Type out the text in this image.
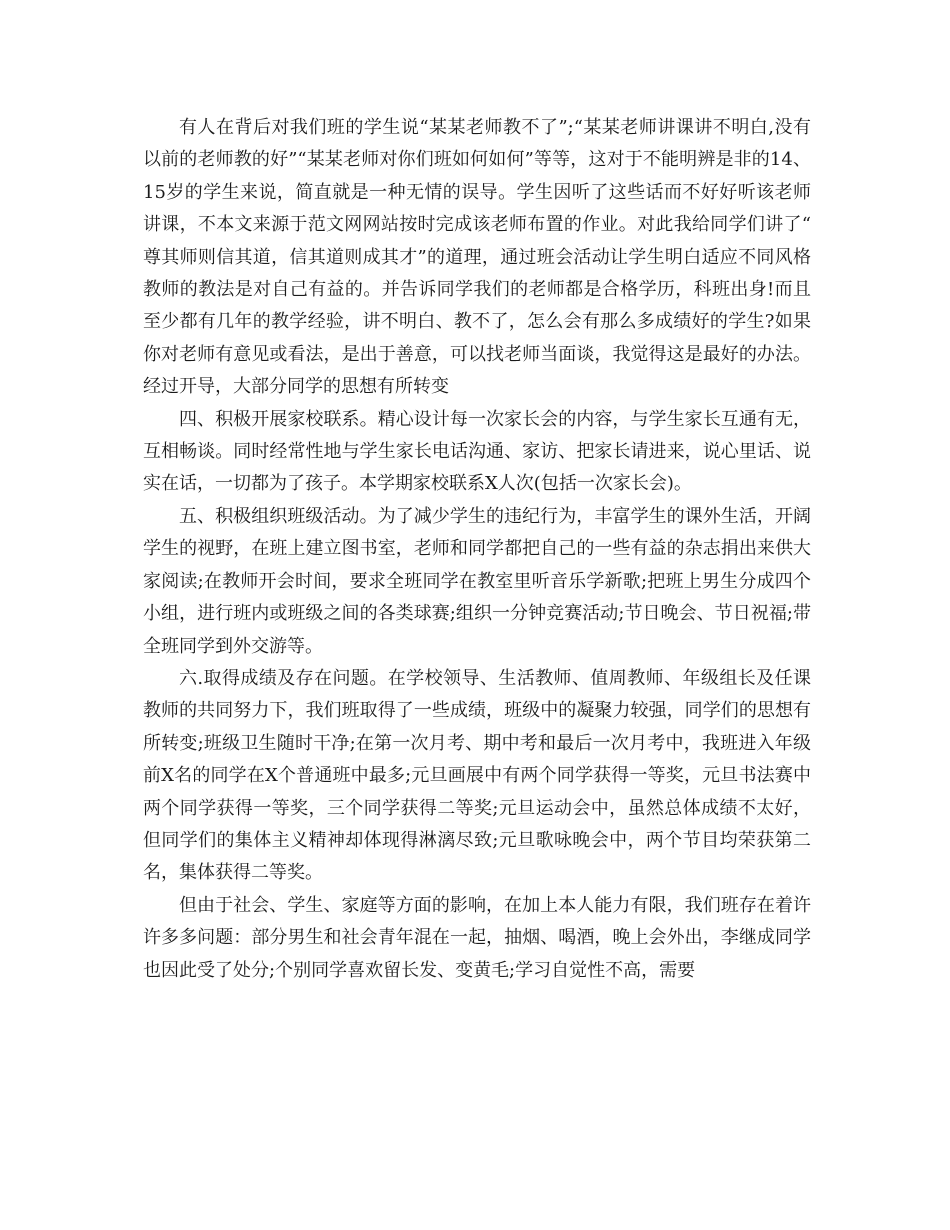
有人在背后对我们班的学生说“某某老师教不了”;“某某老师讲课讲不明白,没有以前的老师教的好”“某某老师对你们班如何如何”等等，这对于不能明辨是非的14、15岁的学生来说，简直就是一种无情的误导。学生因听了这些话而不好好听该老师讲课，不本文来源于范文网网站按时完成该老师布置的作业。对此我给同学们讲了“尊其师则信其道，信其道则成其才”的道理，通过班会活动让学生明白适应不同风格教师的教法是对自己有益的。并告诉同学我们的老师都是合格学历，科班出身!而且至少都有几年的教学经验，讲不明白、教不了，怎么会有那么多成绩好的学生?如果你对老师有意见或看法，是出于善意，可以找老师当面谈，我觉得这是最好的办法。经过开导，大部分同学的思想有所转变

四、积极开展家校联系。精心设计每一次家长会的内容，与学生家长互通有无，互相畅谈。同时经常性地与学生家长电话沟通、家访、把家长请进来，说心里话、说实在话，一切都为了孩子。本学期家校联系X人次(包括一次家长会)。

五、积极组织班级活动。为了减少学生的违纪行为，丰富学生的课外生活，开阔学生的视野，在班上建立图书室，老师和同学都把自己的一些有益的杂志捐出来供大家阅读;在教师开会时间，要求全班同学在教室里听音乐学新歌;把班上男生分成四个小组，进行班内或班级之间的各类球赛;组织一分钟竞赛活动;节日晚会、节日祝福;带全班同学到外交游等。

六.取得成绩及存在问题。在学校领导、生活教师、值周教师、年级组长及任课教师的共同努力下，我们班取得了一些成绩，班级中的凝聚力较强，同学们的思想有所转变;班级卫生随时干净;在第一次月考、期中考和最后一次月考中，我班进入年级前X名的同学在X个普通班中最多;元旦画展中有两个同学获得一等奖，元旦书法赛中两个同学获得一等奖，三个同学获得二等奖;元旦运动会中，虽然总体成绩不太好，但同学们的集体主义精神却体现得淋漓尽致;元旦歌咏晚会中，两个节目均荣获第二名，集体获得二等奖。

但由于社会、学生、家庭等方面的影响，在加上本人能力有限，我们班存在着许许多多问题：部分男生和社会青年混在一起，抽烟、喝酒，晚上会外出，李继成同学也因此受了处分;个别同学喜欢留长发、变黄毛;学习自觉性不高，需要
